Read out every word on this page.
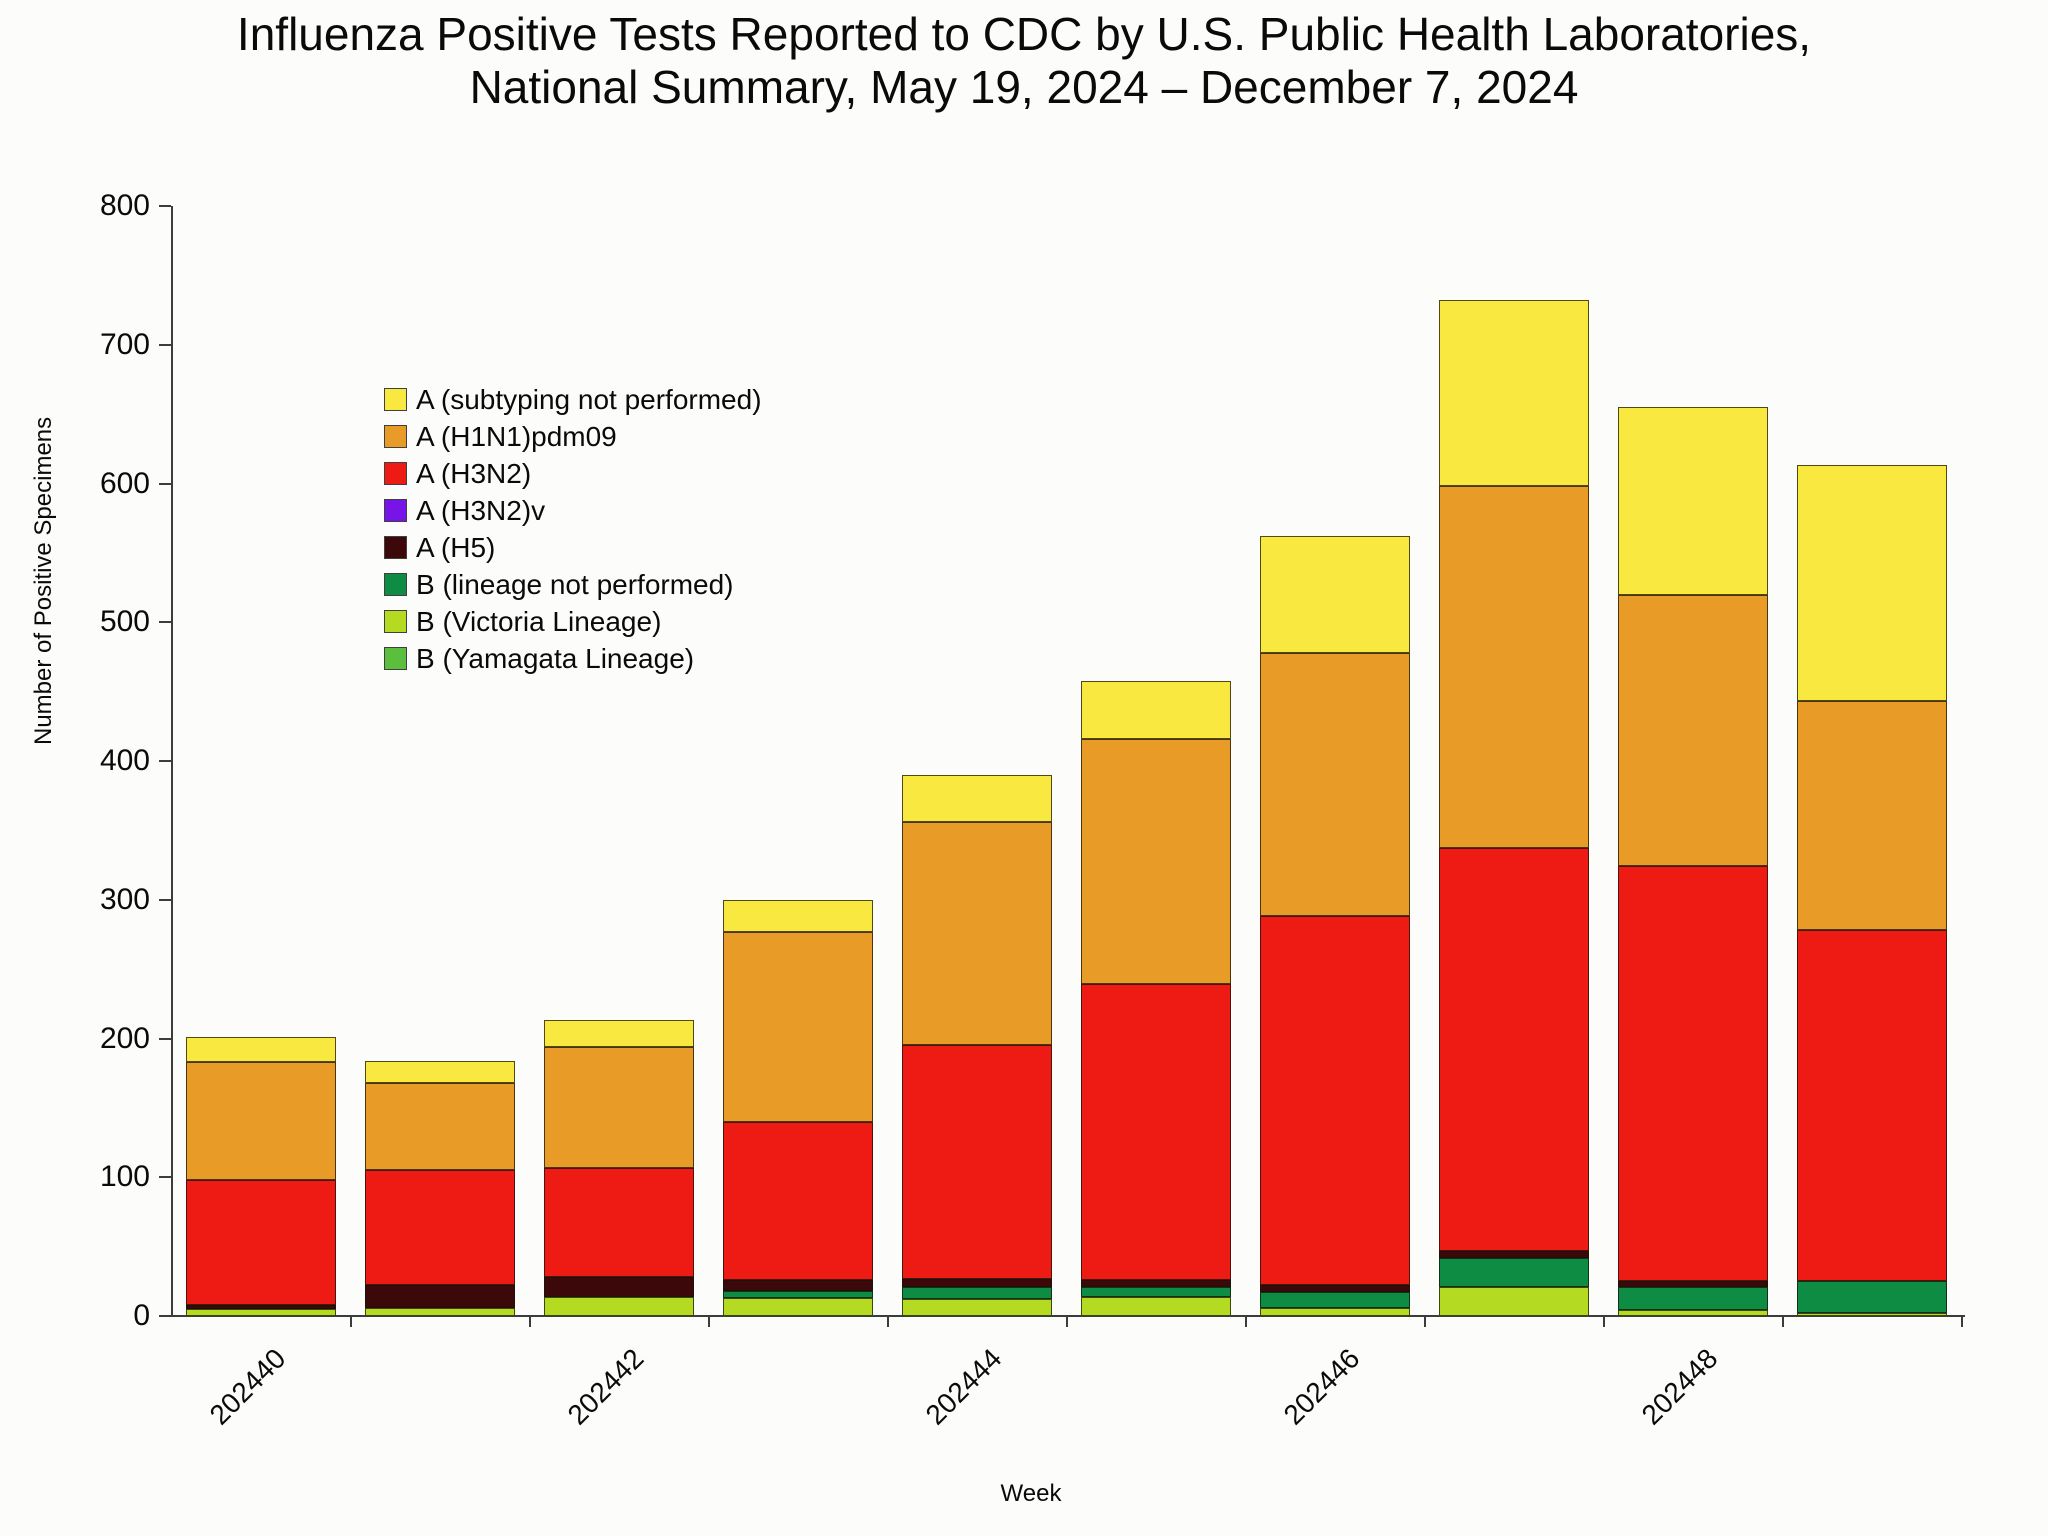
Influenza Positive Tests Reported to CDC by U.S. Public Health Laboratories,
National Summary, May 19, 2024 – December 7, 2024
0
100
200
300
400
500
600
700
800
202440	202442	202444	202446	202448
Number of Positive Specimens
Week
A (subtyping not performed)
A (H1N1)pdm09
A (H3N2)
A (H3N2)v
A (H5)
B (lineage not performed)
B (Victoria Lineage)
B (Yamagata Lineage)
